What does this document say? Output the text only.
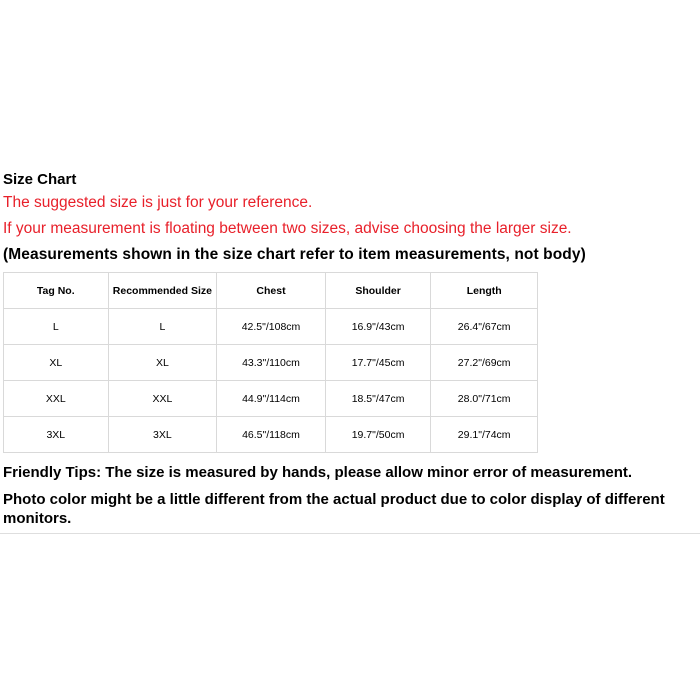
Size Chart
The suggested size is just for your reference.
If your measurement is floating between two sizes, advise choosing the larger size.
(Measurements shown in the size chart refer to item measurements, not body)
Tag No.	Recommended Size	Chest	Shoulder	Length
L	L	42.5"/108cm	16.9"/43cm	26.4"/67cm
XL	XL	43.3"/110cm	17.7"/45cm	27.2"/69cm
XXL	XXL	44.9"/114cm	18.5"/47cm	28.0"/71cm
3XL	3XL	46.5"/118cm	19.7"/50cm	29.1"/74cm
Friendly Tips: The size is measured by hands, please allow minor error of measurement.
Photo color might be a little different from the actual product due to color display of different monitors.
